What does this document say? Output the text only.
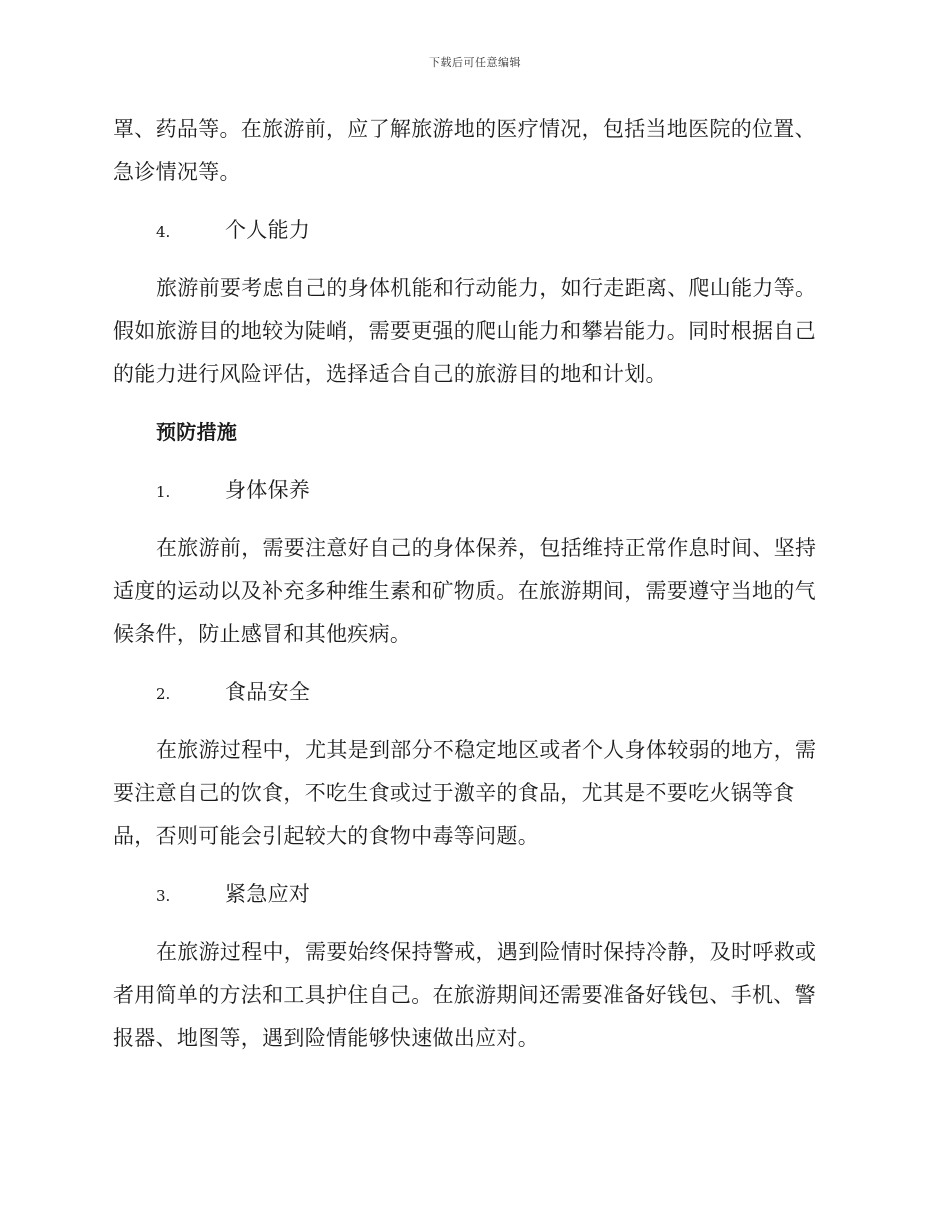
下载后可任意编辑

罩、药品等。在旅游前，应了解旅游地的医疗情况，包括当地医院的位置、急诊情况等。

4.	个人能力

旅游前要考虑自己的身体机能和行动能力，如行走距离、爬山能力等。假如旅游目的地较为陡峭，需要更强的爬山能力和攀岩能力。同时根据自己的能力进行风险评估，选择适合自己的旅游目的地和计划。

预防措施

1.	身体保养

在旅游前，需要注意好自己的身体保养，包括维持正常作息时间、坚持适度的运动以及补充多种维生素和矿物质。在旅游期间，需要遵守当地的气候条件，防止感冒和其他疾病。

2.	食品安全

在旅游过程中，尤其是到部分不稳定地区或者个人身体较弱的地方，需要注意自己的饮食，不吃生食或过于激辛的食品，尤其是不要吃火锅等食品，否则可能会引起较大的食物中毒等问题。

3.	紧急应对

在旅游过程中，需要始终保持警戒，遇到险情时保持冷静，及时呼救或者用简单的方法和工具护住自己。在旅游期间还需要准备好钱包、手机、警报器、地图等，遇到险情能够快速做出应对。
